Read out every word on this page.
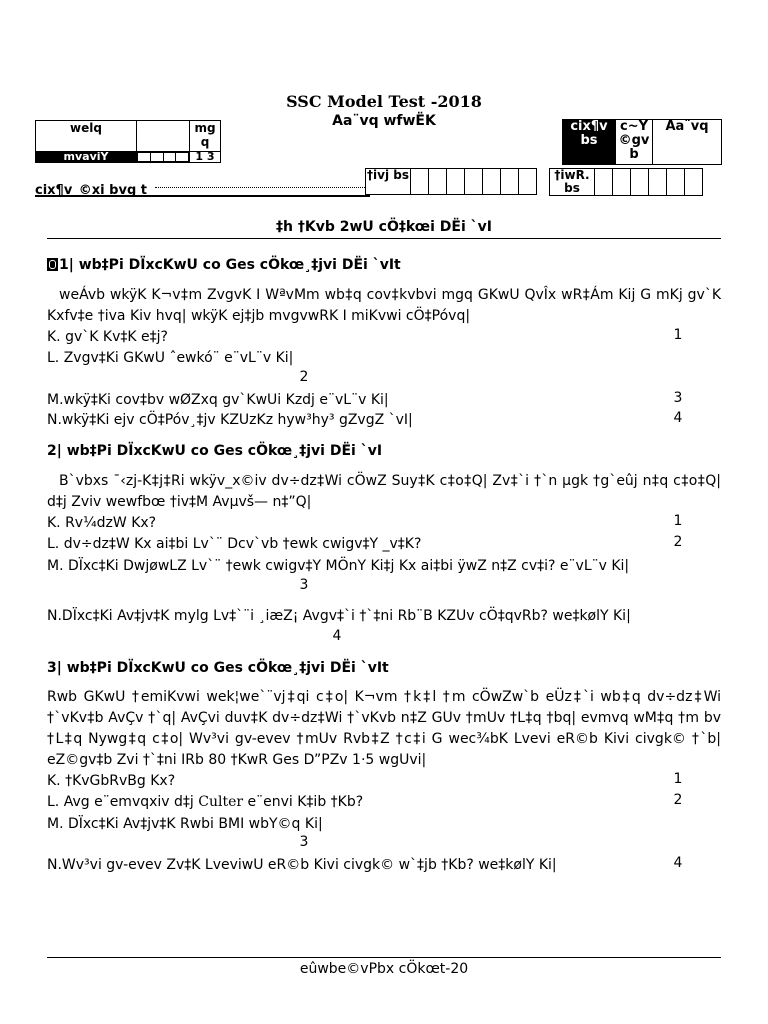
SSC Model Test -2018
Aa¨vq wfwËK
welq		mg q
mvaviY					1 3
cix¶v_©xi bvg t
cix¶v bs	c~Y ©gv b	Aa¨vq
†ivj bs								†iwR. bs						
‡h †Kvb 2wU cÖ‡kœi DËi `vI
1| wb‡Pi DÏxcKwU co Ges cÖkœ¸‡jvi DËi `vIt
weÁvb wkÿK K¬v‡m ZvgvK I WªvMm wb‡q cov‡kvbvi mgq GKwU QvÎx wR‡Ám Kij G mKj gv`K Kxfv‡e †iva Kiv hvq| wkÿK ej‡jb mvgvwRK I miKvwi cÖ‡Póvq|
K. gv`K Kv‡K e‡j?	1
L. Zvgv‡Ki GKwU ˆewkó¨ e¨vL¨v Ki|
2
M.wkÿ‡Ki cov‡bv wØZxq gv`KwUi Kzdj e¨vL¨v Ki|	3
N.wkÿ‡Ki ejv cÖ‡Póv¸‡jv KZUzKz hyw³hy³ gZvgZ `vI|	4
2| wb‡Pi DÏxcKwU co Ges cÖkœ¸‡jvi DËi `vI
B`vbxs ¯‹zj-K‡j‡Ri wkÿv_x©iv dv÷dz‡Wi cÖwZ Suy‡K c‡o‡Q| Zv‡`i †`n µgk †g`eûj n‡q c‡o‡Q| d‡j Zviv wewfbœ †iv‡M Avµvš— n‡”Q|
K. Rv¼dzW Kx?	1
L. dv÷dz‡W Kx ai‡bi Lv`¨ Dcv`vb †ewk cwigv‡Y _v‡K?	2
M. DÏxc‡Ki DwjøwLZ Lv`¨ †ewk cwigv‡Y MÖnY Ki‡j Kx ai‡bi ÿwZ n‡Z cv‡i? e¨vL¨v Ki|
3
N.DÏxc‡Ki Av‡jv‡K mylg Lv‡`¨i ¸iæZ¡ Avgv‡`i †`‡ni Rb¨B KZUv cÖ‡qvRb? we‡kølY Ki|
4
3| wb‡Pi DÏxcKwU co Ges cÖkœ¸‡jvi DËi `vIt
Rwb GKwU †emiKvwi wek¦we`¨vj‡qi c‡o| K¬vm †k‡l †m cÖwZw`b eÜz‡`i wb‡q dv÷dz‡Wi †`vKv‡b AvÇv †`q| AvÇvi duv‡K dv÷dz‡Wi †`vKvb n‡Z GUv †mUv †L‡q †bq| evmvq wM‡q †m bv †L‡q Nywg‡q c‡o| Wv³vi gv-evev †mUv Rvb‡Z †c‡i G wec¾bK Lvevi eR©b Kivi civgk© †`b| eZ©gv‡b Zvi †`‡ni IRb 80 †KwR Ges D”PZv 1·5 wgUvi|
K. †KvGbRvBg Kx?	1
L. Avg e¨emvqxiv d‡j Culter e¨envi K‡ib †Kb?	2
M. DÏxc‡Ki Av‡jv‡K Rwbi BMI wbY©q Ki|
3
N.Wv³vi gv-evev Zv‡K LveviwU eR©b Kivi civgk© w`‡jb †Kb? we‡kølY Ki|	4
eûwbe©vPbx cÖkœt-20
